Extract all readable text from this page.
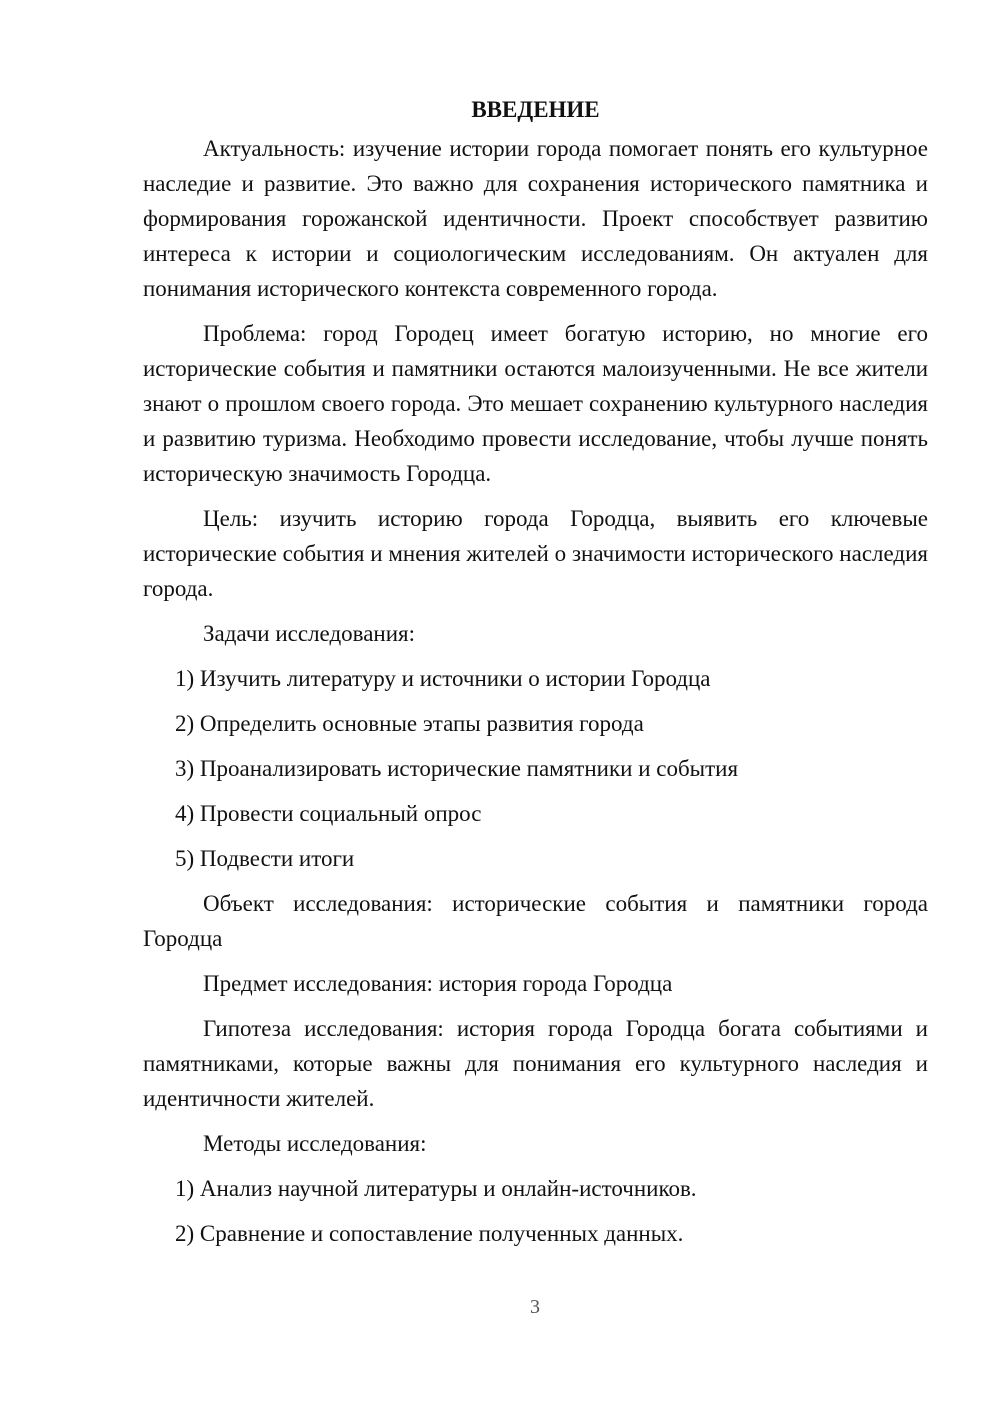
ВВЕДЕНИЕ

Актуальность: изучение истории города помогает понять его культурное наследие и развитие. Это важно для сохранения исторического памятника и формирования горожанской идентичности. Проект способствует развитию интереса к истории и социологическим исследованиям. Он актуален для понимания исторического контекста современного города.

Проблема: город Городец имеет богатую историю, но многие его исторические события и памятники остаются малоизученными. Не все жители знают о прошлом своего города. Это мешает сохранению культурного наследия и развитию туризма. Необходимо провести исследование, чтобы лучше понять историческую значимость Городца.

Цель: изучить историю города Городца, выявить его ключевые исторические события и мнения жителей о значимости исторического наследия города.

Задачи исследования:

1) Изучить литературу и источники о истории Городца
2) Определить основные этапы развития города
3) Проанализировать исторические памятники и события
4) Провести социальный опрос
5) Подвести итоги

Объект исследования: исторические события и памятники города Городца

Предмет исследования: история города Городца

Гипотеза исследования: история города Городца богата событиями и памятниками, которые важны для понимания его культурного наследия и идентичности жителей.

Методы исследования:

1) Анализ научной литературы и онлайн-источников.
2) Сравнение и сопоставление полученных данных.
3
